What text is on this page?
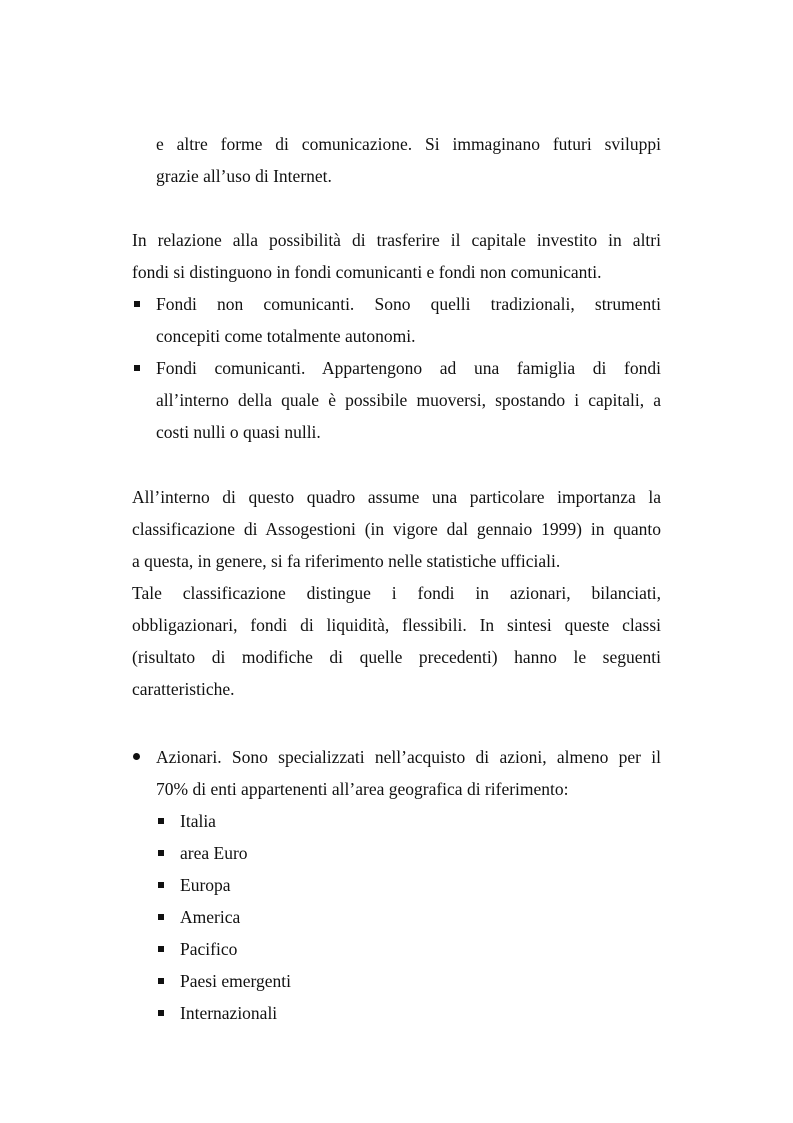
e altre forme di comunicazione. Si immaginano futuri sviluppi
grazie all’uso di Internet.
In relazione alla possibilità di trasferire il capitale investito in altri
fondi si distinguono in fondi comunicanti e fondi non comunicanti.
Fondi non comunicanti. Sono quelli tradizionali, strumenti
concepiti come totalmente autonomi.
Fondi comunicanti. Appartengono ad una famiglia di fondi
all’interno della quale è possibile muoversi, spostando i capitali, a
costi nulli o quasi nulli.
All’interno di questo quadro assume una particolare importanza la
classificazione di Assogestioni (in vigore dal gennaio 1999) in quanto
a questa, in genere, si fa riferimento nelle statistiche ufficiali.
Tale classificazione distingue i fondi in azionari, bilanciati,
obbligazionari, fondi di liquidità, flessibili. In sintesi queste classi
(risultato di modifiche di quelle precedenti) hanno le seguenti
caratteristiche.
Azionari. Sono specializzati nell’acquisto di azioni, almeno per il
70% di enti appartenenti all’area geografica di riferimento:
Italia
area Euro
Europa
America
Pacifico
Paesi emergenti
Internazionali
